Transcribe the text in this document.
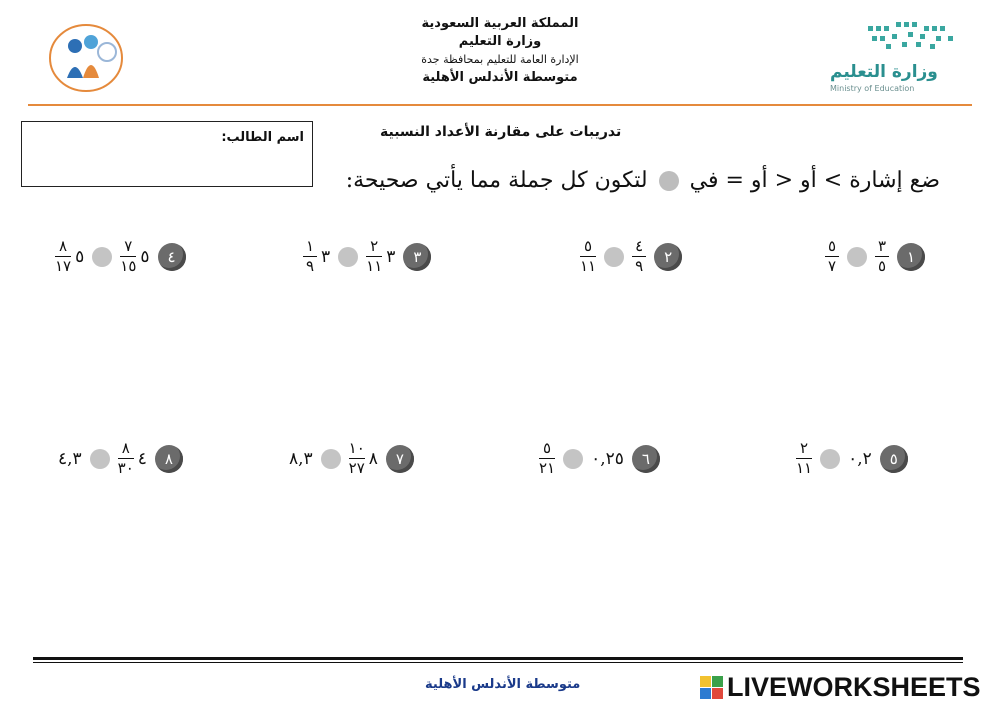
المملكة العربية السعودية
وزارة التعليم
الإدارة العامة للتعليم بمحافظة جدة
متوسطة الأندلس الأهلية	وزارة التعليم
Ministry of Education
اسم الطالب:	تدريبات على مقارنة الأعداد النسبية
ضع إشارة > أو < أو = في  لتكون كل جملة مما يأتي صحيحة:
١
$\frac{٣}{٥}$
$\frac{٥}{٧}$
٢
$\frac{٤}{٩}$
$\frac{٥}{١١}$
٣
٣
$\frac{٢}{١١}$
٣
$\frac{١}{٩}$
٤
٥
$\frac{٧}{١٥}$
٥
$\frac{٨}{١٧}$
٥
٠,٢
$\frac{٢}{١١}$
٦
٠,٢٥
$\frac{٥}{٢١}$
٧
٨
$\frac{١٠}{٢٧}$
٨,٣
٨
٤
$\frac{٨}{٣٠}$
٤,٣
متوسطة الأندلس الأهلية	LIVEWORKSHEETS
